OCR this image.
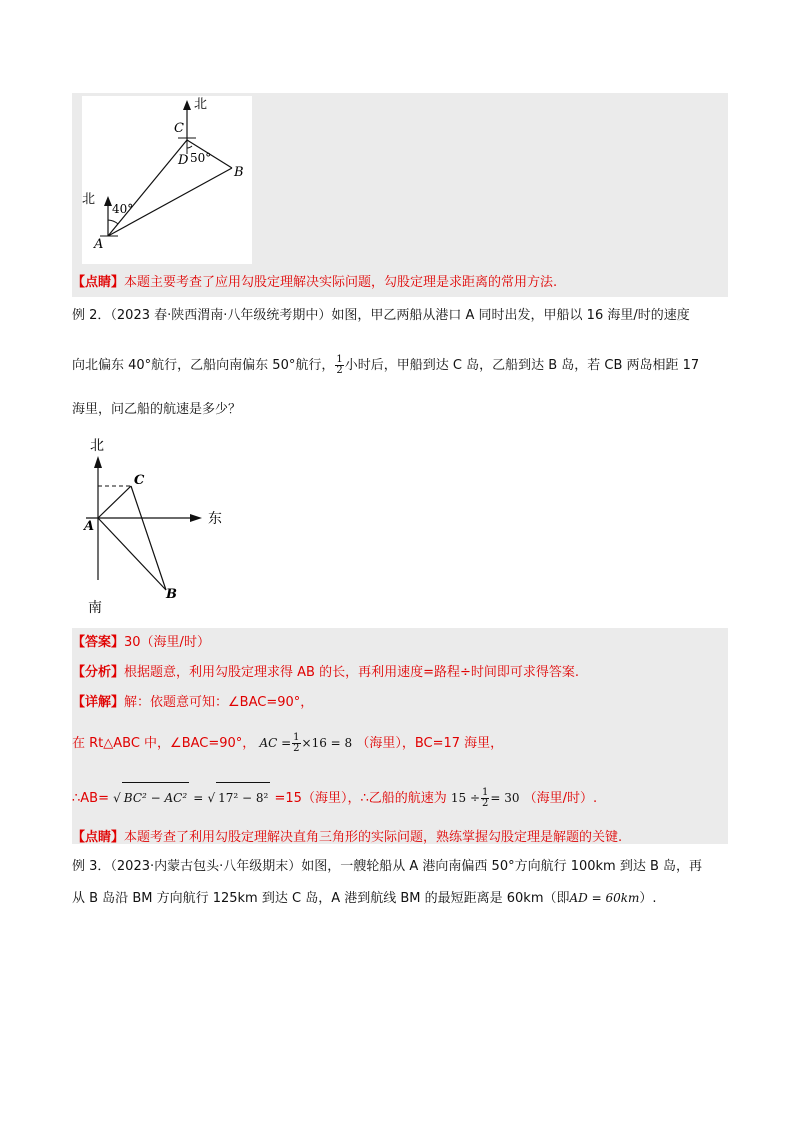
北
北
40°
50°
A
B
C
D
【点睛】本题主要考查了应用勾股定理解决实际问题，勾股定理是求距离的常用方法.
例 2．（2023 春·陕西渭南·八年级统考期中）如图，甲乙两船从港口 A 同时出发，甲船以 16 海里/时的速度
向北偏东 40°航行，乙船向南偏东 50°航行， $\frac{1}{2}$ 小时后，甲船到达 C 岛，乙船到达 B 岛，若 CB 两岛相距 17
海里，问乙船的航速是多少？
北
东
南
A
B
C
【答案】30（海里/时）
【分析】根据题意，利用勾股定理求得 AB 的长，再利用速度=路程÷时间即可求得答案.
【详解】解：依题意可知：∠BAC=90°，
在 Rt△ABC 中，∠BAC=90°， AC = $\frac{1}{2} \times 16 = 8$ （海里），BC=17 海里，
∴AB= √ BC² − AC² = √ 17² − 8² =15（海里），∴乙船的航速为 $15 \div \frac{1}{2} = 30$ （海里/时）.
【点睛】本题考查了利用勾股定理解决直角三角形的实际问题，熟练掌握勾股定理是解题的关键.
例 3．（2023·内蒙古包头·八年级期末）如图，一艘轮船从 A 港向南偏西 50°方向航行 100km 到达 B 岛，再
从 B 岛沿 BM 方向航行 125km 到达 C 岛，A 港到航线 BM 的最短距离是 60km（即AD = 60km）.
